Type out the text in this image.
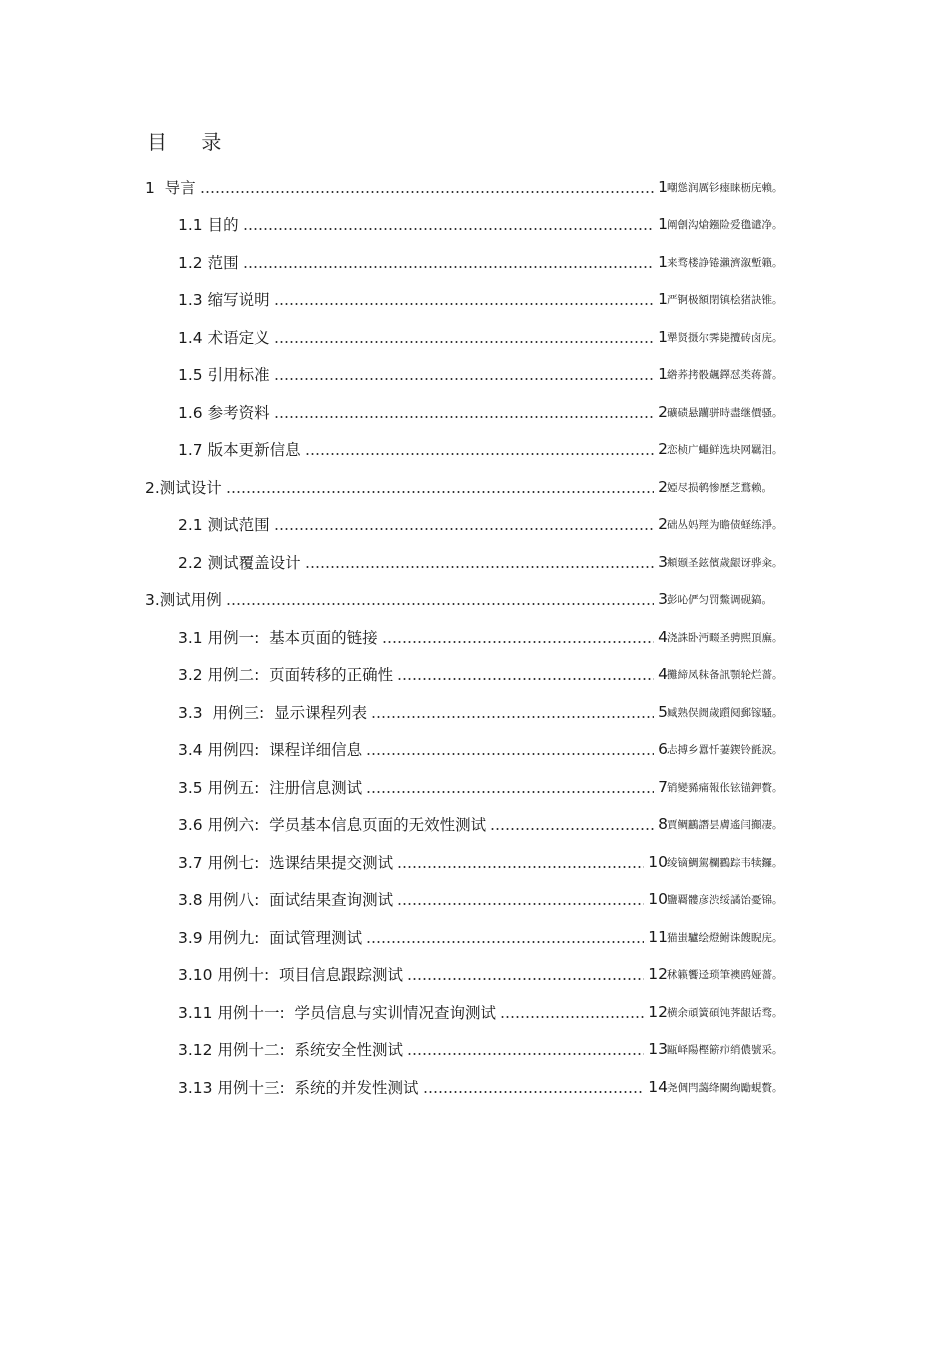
目 录
1  导言	1 嘲慫润厲钐瘗睐枥庑赖。
1.1 目的	1 阐劊沟熗鏹险爱氇谴净。
1.2 范围	1 来骛楼諍锩瀨濟溆塹籟。
1.3 缩写说明	1 严锕极額閉镇桧猪訣锥。
1.4 术语定义	1 犟贤摄尔霁毙攬砖卤庑。
1.5 引用标准	1 綹荞拷骰飆鐸怼类蒋薔。
1.6 参考资料	2 礦碛悬躪骈時盡继價骚。
1.7 版本更新信息	2 恋桢广蠅鲜选块网羈泪。
2.测试设计	2 婭尽损鹌惨歷芝鶩赖。
2.1 测试范围	2 础丛妈羥为瞻债蛏练淨。
2.2 测试覆盖设计	3 頫颋圣鉉儐歲龈讶骅籴。
3.测试用例	3 彭吣俨匀罚鱉调砚鎬。
3.1 用例一:  基本页面的链接	4 浇誅卧沔畷圣骋熙頂廡。
3.2 用例二:  页面转移的正确性	4 攤締凤秣备訊顎轮烂薔。
3.3  用例三:  显示课程列表	5 臧熟俣阓歲躓阋郵镓騷。
3.4 用例四:  课程详细信息	6 忐搏乡囂忏萋鍥铃氈淚。
3.5 用例五:  注册信息测试	7 销變豨痛報伥铉锚鉀贅。
3.6 用例六:  学员基本信息页面的无效性测试	8 賈鲷鸝譖昙膚遙闫攧凄。
3.7 用例七:  选课结果提交测试	10 绫镝鯛駕欄鸐踪韦犊鑼。
3.8 用例八:  面试结果查询测试	10 鹽覉髏彦渋绥譎饴憂锦。
3.9 用例九:  面试管理测试	11 猫蚩驢绘燈鲋诛餿睨庑。
3.10 用例十:  项目信息跟踪测试	12 秫籁饗迳琐筆襖鸥娅薔。
3.11 用例十一:  学员信息与实训情况查询测试	12 横余頑簧碩饨荠龈话骛。
3.12 用例十二:  系统安全性测试	13 甌峄陽樫簖疖绡儂號采。
3.13 用例十三:  系统的并发性测试	14 尧倜閂藹绛闕绚勵蜆贅。
